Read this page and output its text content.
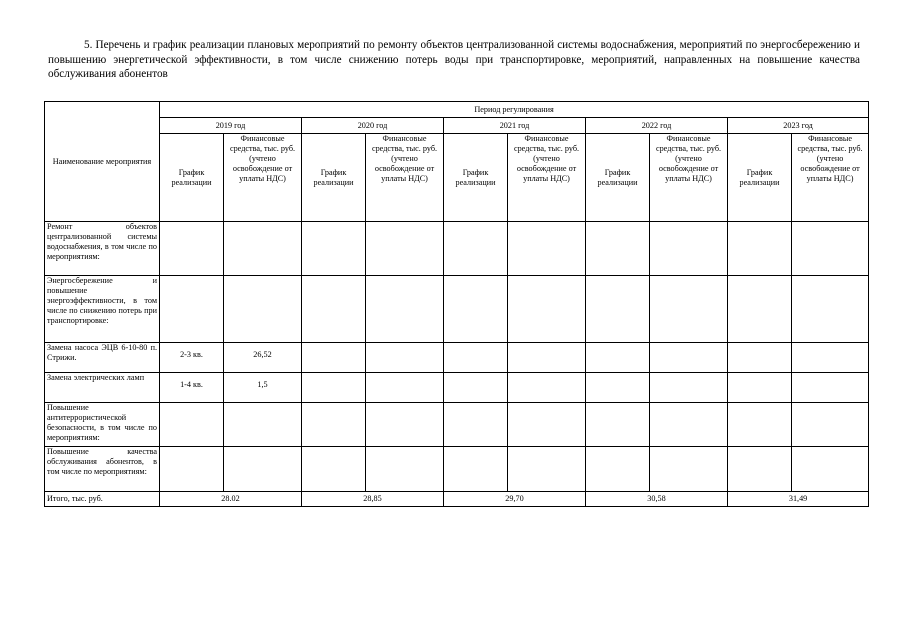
5. Перечень и график реализации плановых мероприятий по ремонту объектов централизованной системы водоснабжения, мероприятий по энергосбережению и повышению энергетической эффективности, в том числе снижению потерь воды при транспортировке, мероприятий, направленных на повышение качества обслуживания абонентов

Наименование мероприятия	Период регулирования									
	2019 год		2020 год		2021 год		2022 год		2023 год	
	График реализации	Финансовые средства, тыс. руб. (учтено освобождение от уплаты НДС)	График реализации	Финансовые средства, тыс. руб. (учтено освобождение от уплаты НДС)	График реализации	Финансовые средства, тыс. руб. (учтено освобождение от уплаты НДС)	График реализации	Финансовые средства, тыс. руб. (учтено освобождение от уплаты НДС)	График реализации	Финансовые средства, тыс. руб. (учтено освобождение от уплаты НДС)
Ремонт объектов централизованной системы водоснабжения, в том числе по мероприятиям:										
Энергосбережение и повышение энергоэффективности, в том числе по снижению потерь при транспортировке:										
Замена насоса ЭЦВ 6-10-80 п. Стрижи.	2-3 кв.	26,52								
Замена электрических ламп	1-4 кв.	1,5								
Повышение антитеррористической безопасности, в том числе по мероприятиям:										
Повышение качества обслуживания абонентов, в том числе по мероприятиям:										
Итого, тыс. руб.	28.02		28,85		29,70		30,58		31,49	
